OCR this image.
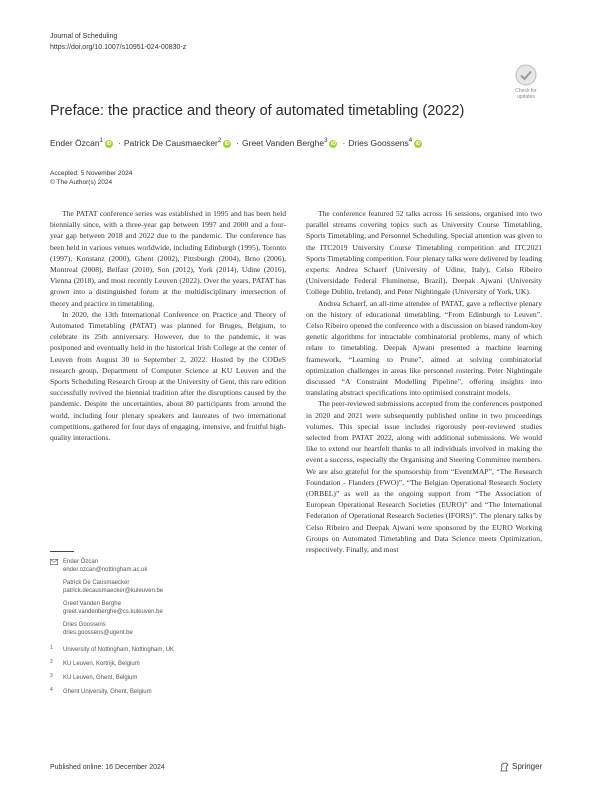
Journal of Scheduling
https://doi.org/10.1007/s10951-024-00830-z
Check for
updates
Preface: the practice and theory of automated timetabling (2022)
Ender Özcan$^1$ iD · Patrick De Causmaecker$^2$ iD · Greet Vanden Berghe$^3$ iD · Dries Goossens$^4$ iD
Accepted: 5 November 2024
© The Author(s) 2024

The PATAT conference series was established in 1995 and has been held biennially since, with a three-year gap between 1997 and 2000 and a four-year gap between 2018 and 2022 due to the pandemic. The conference has been held in various venues worldwide, including Edinburgh (1995), Toronto (1997), Konstanz (2000), Ghent (2002), Pittsburgh (2004), Brno (2006), Montreal (2008), Belfast (2010), Son (2012), York (2014), Udine (2016), Vienna (2018), and most recently Leuven (2022). Over the years, PATAT has grown into a distinguished forum at the multidisciplinary intersection of theory and practice in timetabling.

In 2020, the 13th International Conference on Practice and Theory of Automated Timetabling (PATAT) was planned for Bruges, Belgium, to celebrate its 25th anniversary. However, due to the pandemic, it was postponed and eventually held in the historical Irish College at the center of Leuven from August 30 to September 2, 2022. Hosted by the CODeS research group, Department of Computer Science at KU Leuven and the Sports Scheduling Research Group at the University of Gent, this rare edition successfully revived the biennial tradition after the disruptions caused by the pandemic. Despite the uncertainties, about 80 participants from around the world, including four plenary speakers and laureates of two international competitions, gathered for four days of engaging, intensive, and fruitful high-quality interactions.

The conference featured 52 talks across 16 sessions, organised into two parallel streams covering topics such as University Course Timetabling, Sports Timetabling, and Personnel Scheduling. Special attention was given to the ITC2019 University Course Timetabling competition and ITC2021 Sports Timetabling competition. Four plenary talks were delivered by leading experts: Andrea Schaerf (University of Udine, Italy), Celso Ribeiro (Universidade Federal Fluminense, Brazil), Deepak Ajwani (University College Dublin, Ireland), and Peter Nightingale (University of York, UK).

Andrea Schaerf, an all-time attendee of PATAT, gave a reflective plenary on the history of educational timetabling, “From Edinburgh to Leuven”. Celso Ribeiro opened the conference with a discussion on biased random-key genetic algorithms for intractable combinatorial problems, many of which relate to timetabling. Deepak Ajwani presented a machine learning framework, “Learning to Prune”, aimed at solving combinatorial optimization challenges in areas like personnel rostering. Peter Nightingale discussed “A Constraint Modelling Pipeline”, offering insights into translating abstract specifications into optimised constraint models.

The peer-reviewed submissions accepted from the conferences postponed in 2020 and 2021 were subsequently published online in two proceedings volumes. This special issue includes rigorously peer-reviewed studies selected from PATAT 2022, along with additional submissions. We would like to extend our heartfelt thanks to all individuals involved in making the event a success, especially the Organising and Steering Committee members. We are also grateful for the sponsorship from “EventMAP”, “The Research Foundation - Flanders (FWO)”, “The Belgian Operational Research Society (ORBEL)” as well as the ongoing support from “The Association of European Operational Research Societies (EURO)” and “The International Federation of Operational Research Societies (IFORS)”. The plenary talks by Celso Ribeiro and Deepak Ajwani were sponsored by the EURO Working Groups on Automated Timetabling and Data Science meets Optimization, respectively. Finally, and most

Ender Özcan
ender.ozcan@nottingham.ac.uk
Patrick De Causmaecker
patrick.decausmaecker@kuleuven.be
Greet Vanden Berghe
greet.vandenberghe@cs.kuleuven.be
Dries Goossens
dries.goossens@ugent.be
1 University of Nottingham, Nottingham, UK
2 KU Leuven, Kortrijk, Belgium
3 KU Leuven, Ghent, Belgium
4 Ghent University, Ghent, Belgium
Published online: 16 December 2024	Springer
